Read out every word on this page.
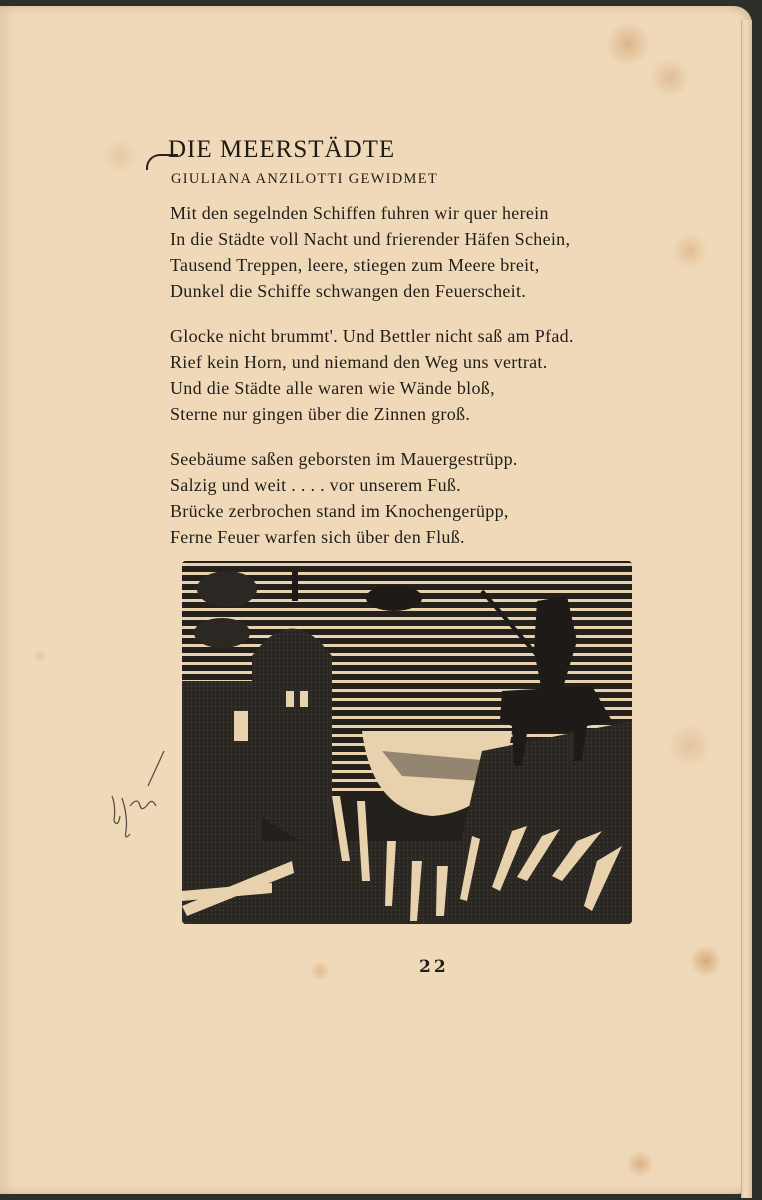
DIE MEERSTÄDTE
GIULIANA ANZILOTTI GEWIDMET
Mit den segelnden Schiffen fuhren wir quer herein
In die Städte voll Nacht und frierender Häfen Schein,
Tausend Treppen, leere, stiegen zum Meere breit,
Dunkel die Schiffe schwangen den Feuerscheit.
Glocke nicht brummt'. Und Bettler nicht saß am Pfad.
Rief kein Horn, und niemand den Weg uns vertrat.
Und die Städte alle waren wie Wände bloß,
Sterne nur gingen über die Zinnen groß.
Seebäume saßen geborsten im Mauergestrüpp.
Salzig und weit . . . . vor unserem Fuß.
Brücke zerbrochen stand im Knochengerüpp,
Ferne Feuer warfen sich über den Fluß.
22
